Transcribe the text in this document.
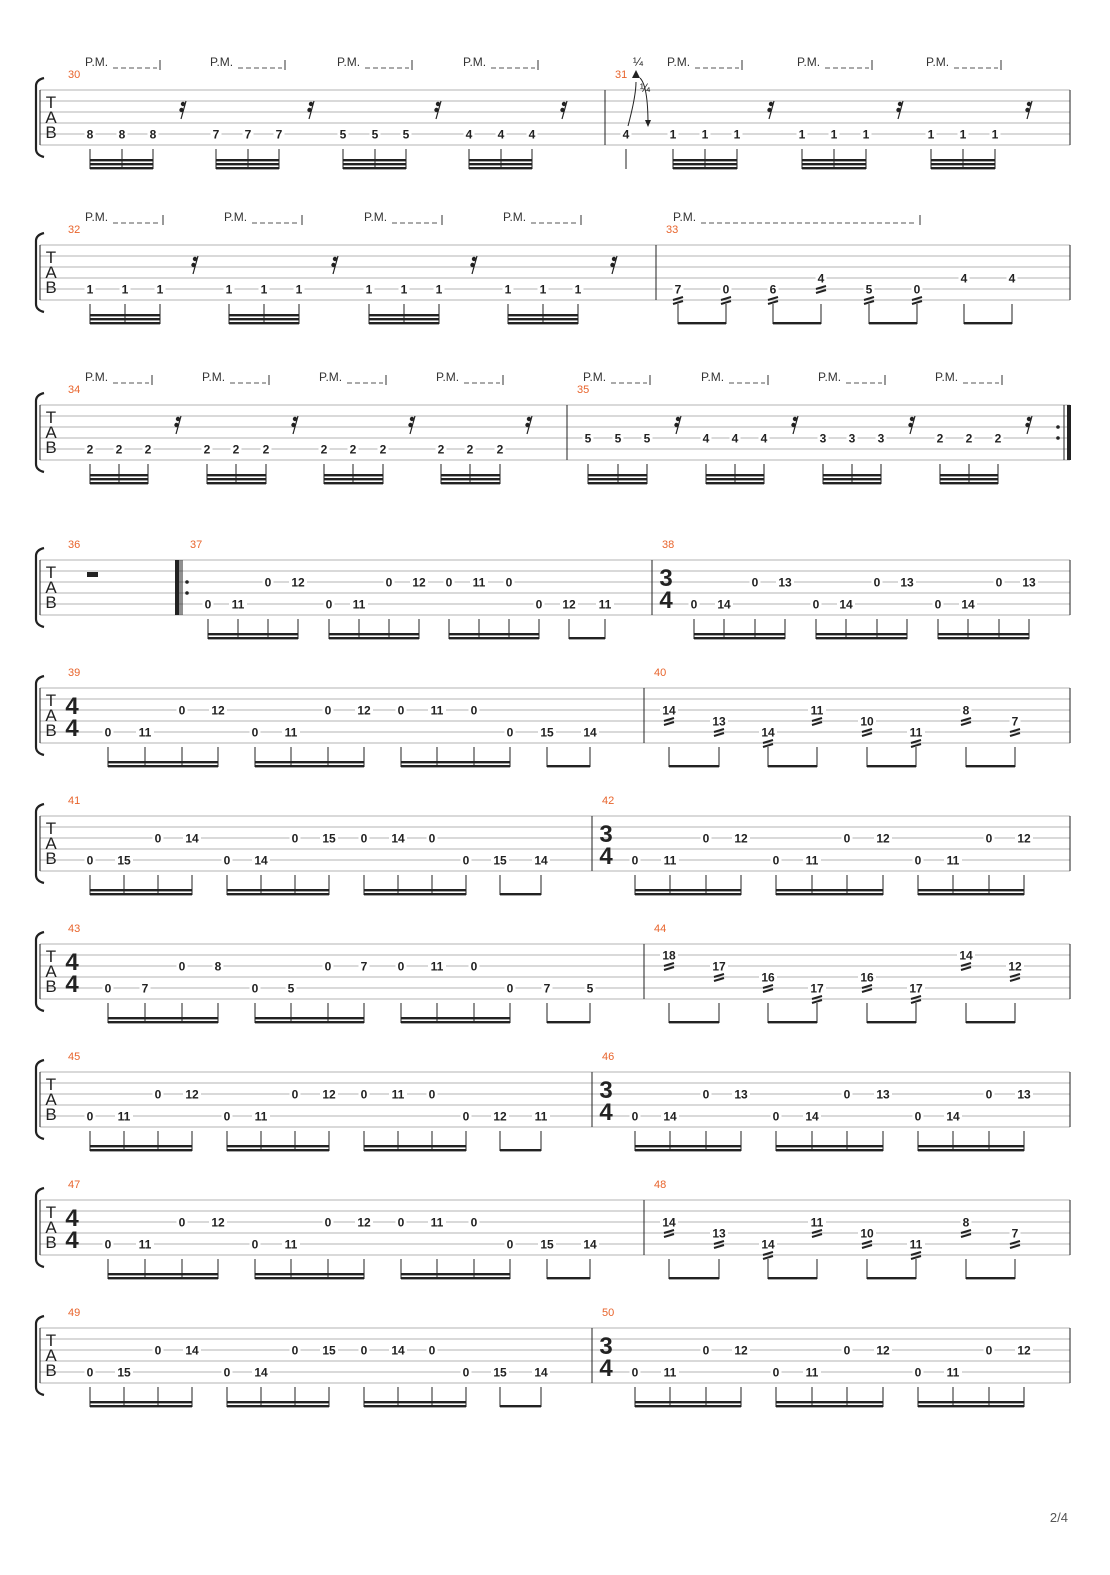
T
A
B
P.M.	P.M.	P.M.	P.M.	P.M.	P.M.	P.M.
30
8 8 8	7 7 7	5 5 5	4 4 4
31
¼
¼
4	1 1 1	1 1 1	1 1 1
T
A
B
P.M.	P.M.	P.M.	P.M.	P.M.
32
1 1 1	1 1 1	1 1 1	1 1 1
33
7	0	6
4
5	0
4	4
T
A
B
P.M.	P.M.	P.M.	P.M.	P.M.	P.M.	P.M.	P.M.
34
2 2 2	2 2 2	2 2 2	2 2 2
35
5 5 5	4 4 4	3 3 3	2 2 2
T
A
B
36	37
0 11
0 12
0 11
0 12 0 11 0
0 12 11
38
3
4 0 14
0 13
0 14
0 13
0 14
0 13
T
A
B
39
4
4 0 11
0 12
0 11
0 12 0 11 0
0 15 14
40
14
13
14
11
10
11
8
7
T
A
B
41
0 15
0 14
0 14
0 15 0 14 0
0 15 14
42
3
4 0 11
0 12
0 11
0 12
0 11
0 12
T
A
B
43
4
4 0	7
0 8
0 5
0 7	0 11 0
0	7	5
44
18
17
16
17
16
17
14
12
T
A
B
45
0 11
0 12
0 11
0 12 0 11 0
0 12 11
46
3
4 0 14
0 13
0 14
0 13
0 14
0 13
T
A
B
47
4
4 0 11
0 12
0 11
0 12 0 11 0
0 15 14
48
14
13
14
11
10
11
8
7
T
A
B
49
0 15
0 14
0 14
0 15 0 14 0
0 15 14
50
3
4 0 11
0 12
0 11
0 12
0 11
0 12
2/4
